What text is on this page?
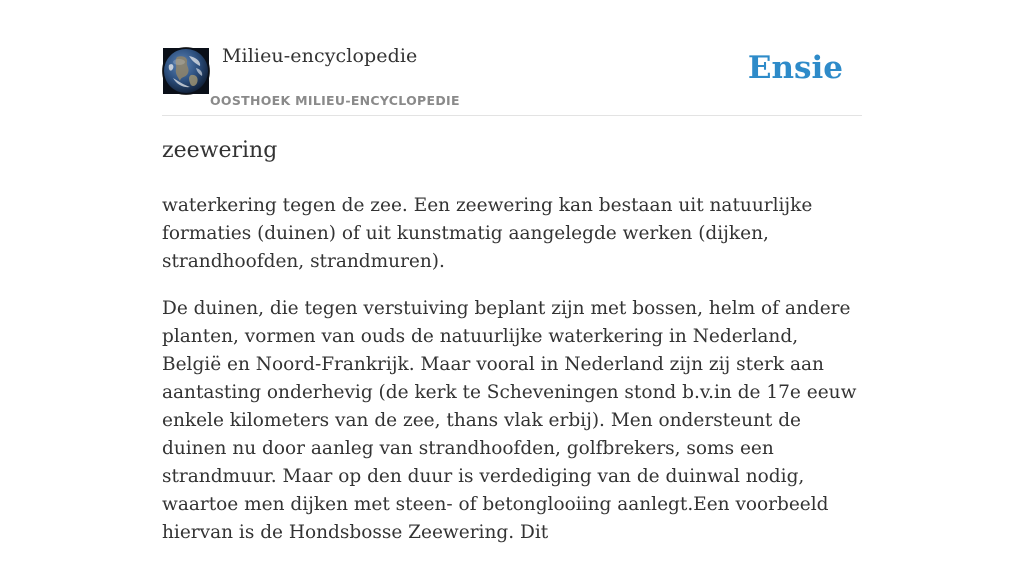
Milieu-encyclopedie
OOSTHOEK MILIEU-ENCYCLOPEDIE
Ensie
zeewering

waterkering tegen de zee. Een zeewering kan bestaan uit natuurlijke formaties (duinen) of uit kunstmatig aangelegde werken (dijken, strandhoofden, strandmuren).

De duinen, die tegen verstuiving beplant zijn met bossen, helm of andere planten, vormen van ouds de natuurlijke waterkering in Nederland, België en Noord-Frankrijk. Maar vooral in Nederland zijn zij sterk aan aantasting onderhevig (de kerk te Scheveningen stond b.v.in de 17e eeuw enkele kilometers van de zee, thans vlak erbij). Men ondersteunt de duinen nu door aanleg van strandhoofden, golfbrekers, soms een strandmuur. Maar op den duur is verdediging van de duinwal nodig, waartoe men dijken met steen- of betonglooiing aanlegt.Een voorbeeld hiervan is de Hondsbosse Zeewering. Dit
